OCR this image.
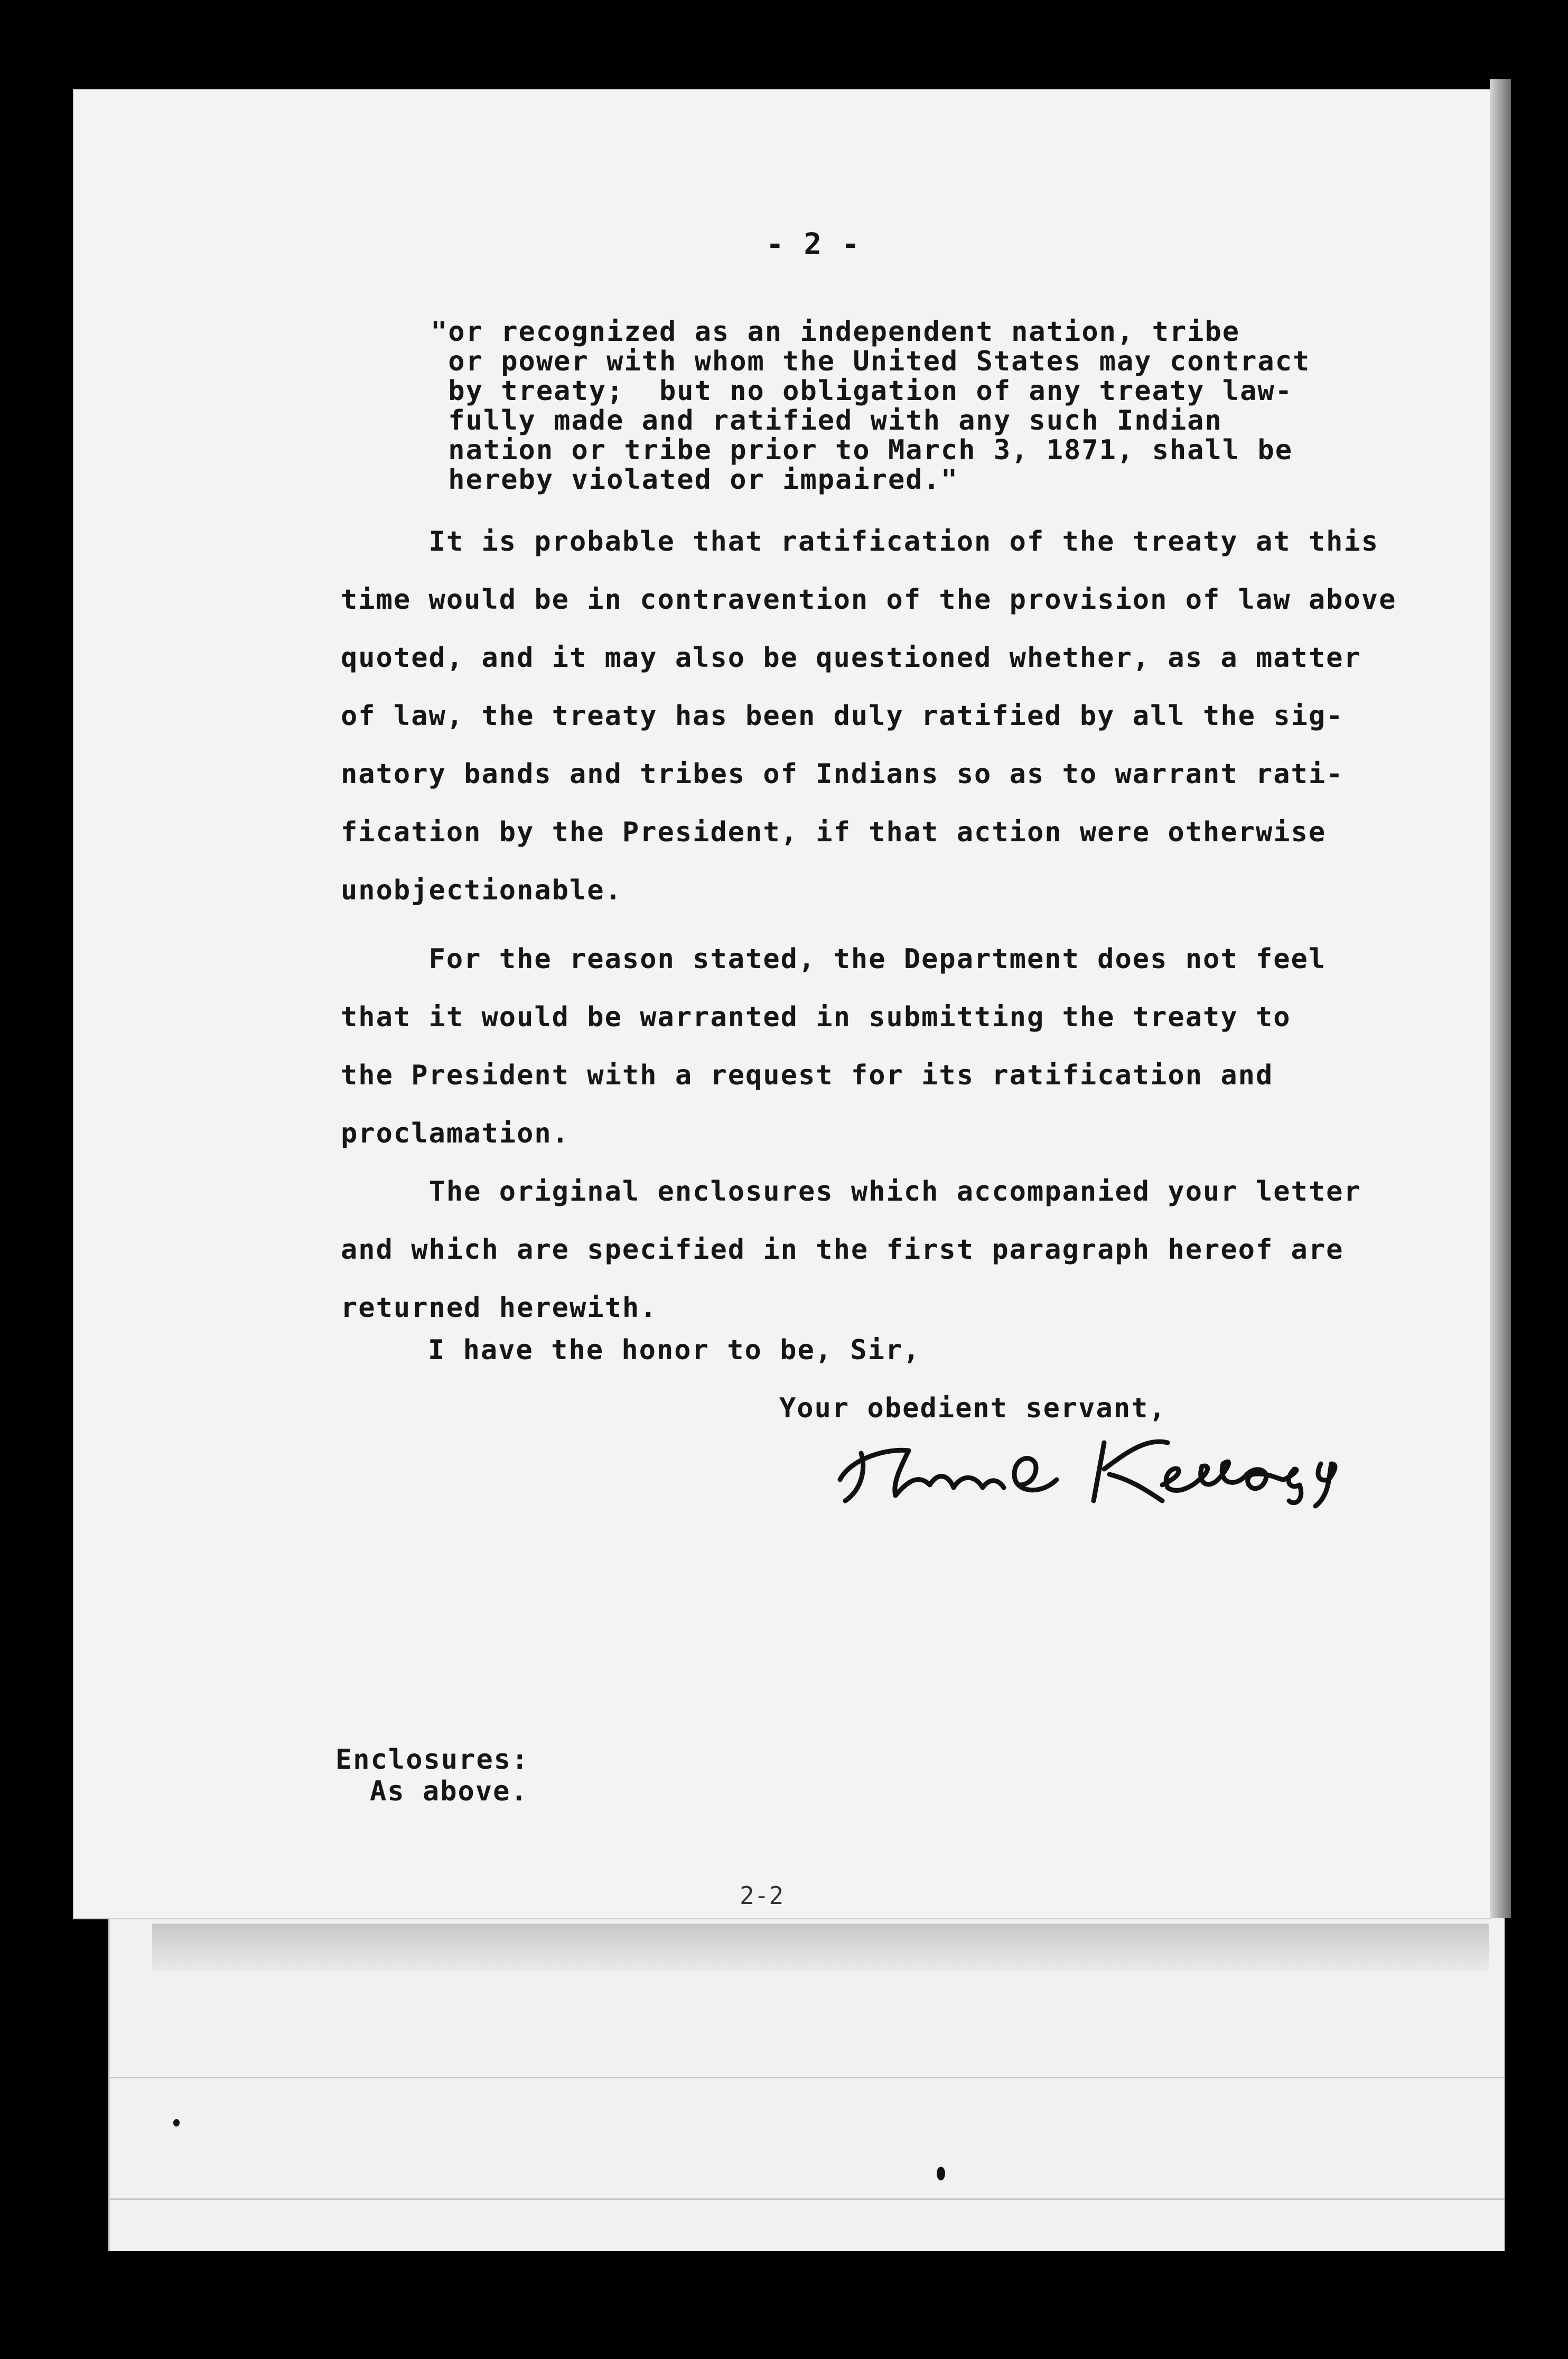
- 2 -
"or recognized as an independent nation, tribe
or power with whom the United States may contract
by treaty;  but no obligation of any treaty law-
fully made and ratified with any such Indian
nation or tribe prior to March 3, 1871, shall be
hereby violated or impaired."
It is probable that ratification of the treaty at this
time would be in contravention of the provision of law above
quoted, and it may also be questioned whether, as a matter
of law, the treaty has been duly ratified by all the sig-
natory bands and tribes of Indians so as to warrant rati-
fication by the President, if that action were otherwise
unobjectionable.
For the reason stated, the Department does not feel
that it would be warranted in submitting the treaty to
the President with a request for its ratification and
proclamation.
The original enclosures which accompanied your letter
and which are specified in the first paragraph hereof are
returned herewith.
I have the honor to be, Sir,
Your obedient servant,
Enclosures:
As above.
2-2
